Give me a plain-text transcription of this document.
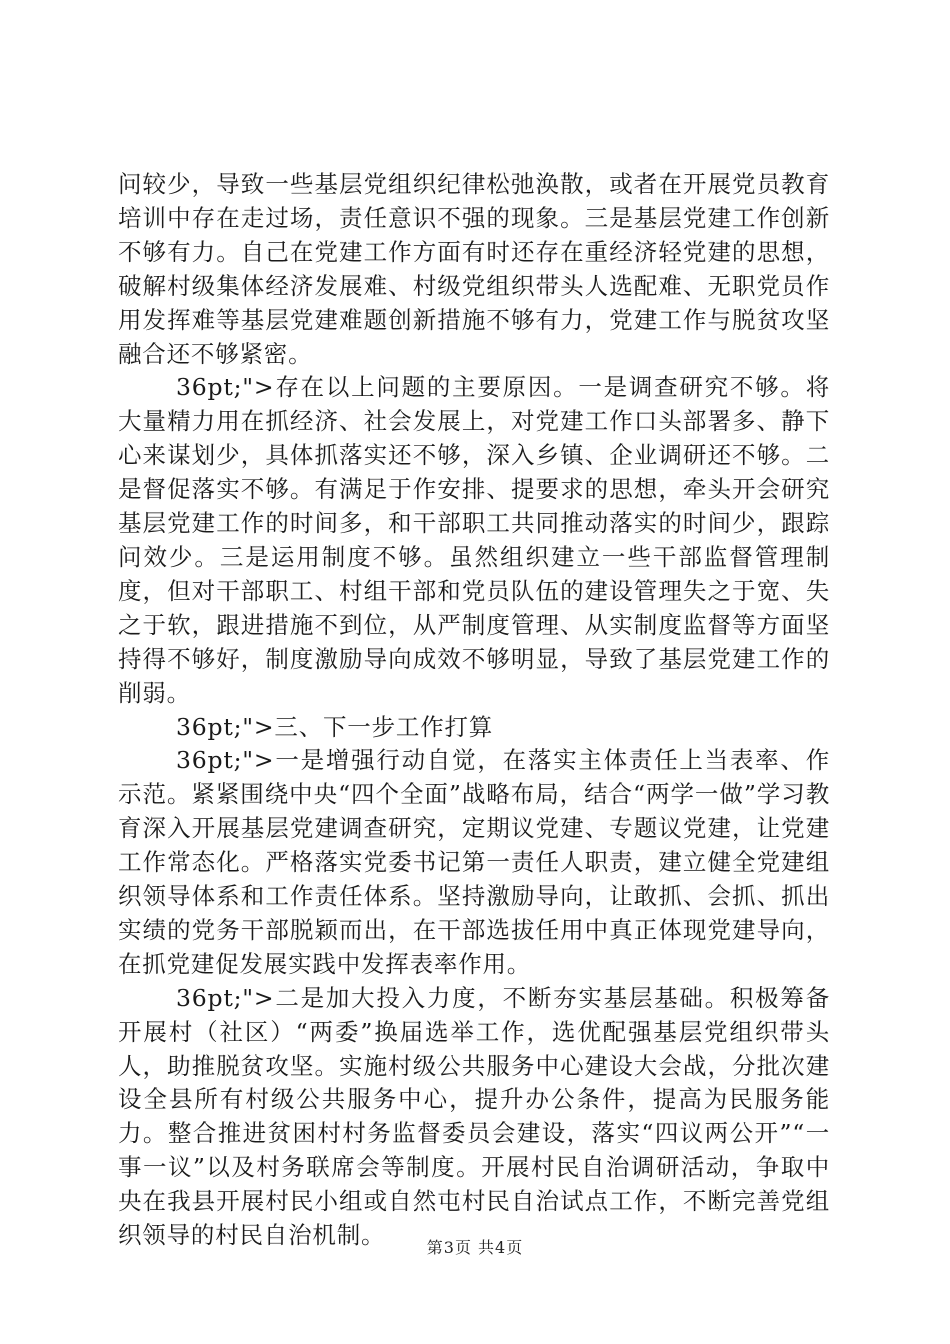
问较少，导致一些基层党组织纪律松弛涣散，或者在开展党员教育培训中存在走过场，责任意识不强的现象。三是基层党建工作创新不够有力。自己在党建工作方面有时还存在重经济轻党建的思想，破解村级集体经济发展难、村级党组织带头人选配难、无职党员作用发挥难等基层党建难题创新措施不够有力，党建工作与脱贫攻坚融合还不够紧密。

36pt;">存在以上问题的主要原因。一是调查研究不够。将大量精力用在抓经济、社会发展上，对党建工作口头部署多、静下心来谋划少，具体抓落实还不够，深入乡镇、企业调研还不够。二是督促落实不够。有满足于作安排、提要求的思想，牵头开会研究基层党建工作的时间多，和干部职工共同推动落实的时间少，跟踪问效少。三是运用制度不够。虽然组织建立一些干部监督管理制度，但对干部职工、村组干部和党员队伍的建设管理失之于宽、失之于软，跟进措施不到位，从严制度管理、从实制度监督等方面坚持得不够好，制度激励导向成效不够明显，导致了基层党建工作的削弱。

36pt;">三、下一步工作打算

36pt;">一是增强行动自觉，在落实主体责任上当表率、作示范。紧紧围绕中央“四个全面”战略布局，结合“两学一做”学习教育深入开展基层党建调查研究，定期议党建、专题议党建，让党建工作常态化。严格落实党委书记第一责任人职责，建立健全党建组织领导体系和工作责任体系。坚持激励导向，让敢抓、会抓、抓出实绩的党务干部脱颖而出，在干部选拔任用中真正体现党建导向，在抓党建促发展实践中发挥表率作用。

36pt;">二是加大投入力度，不断夯实基层基础。积极筹备开展村（社区）“两委”换届选举工作，选优配强基层党组织带头人，助推脱贫攻坚。实施村级公共服务中心建设大会战，分批次建设全县所有村级公共服务中心，提升办公条件，提高为民服务能力。整合推进贫困村村务监督委员会建设，落实“四议两公开”“一事一议”以及村务联席会等制度。开展村民自治调研活动，争取中央在我县开展村民小组或自然屯村民自治试点工作，不断完善党组织领导的村民自治机制。	第3页 共4页
